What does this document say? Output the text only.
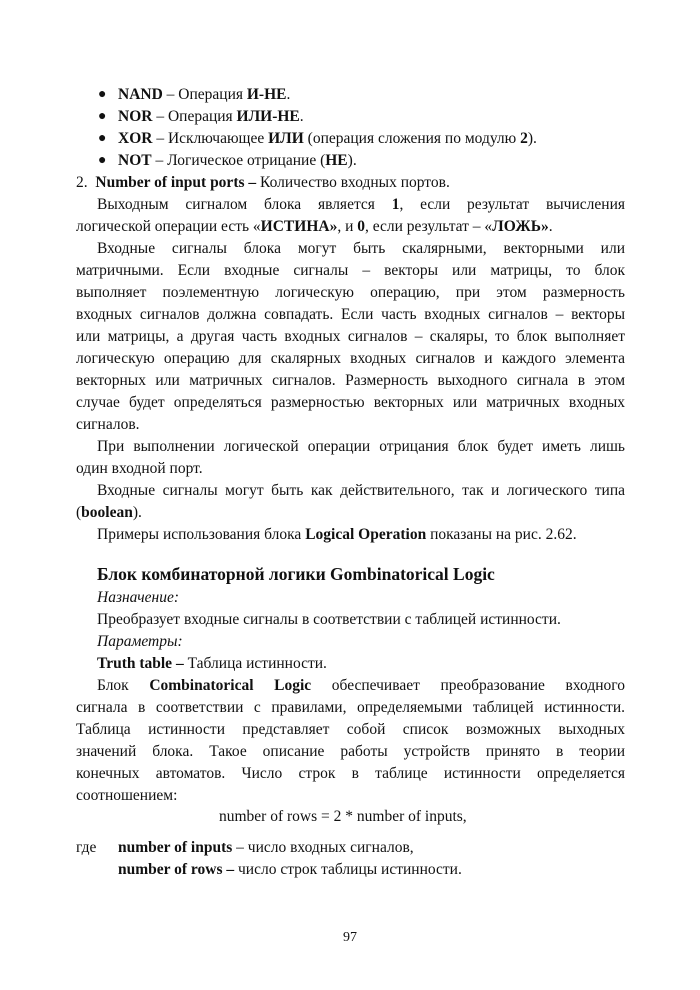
● NAND – Операция И-НЕ.
● NOR – Операция ИЛИ-НЕ.
● XOR – Исключающее ИЛИ (операция сложения по модулю 2).
● NOT – Логическое отрицание (НЕ).
2. Number of input ports – Количество входных портов.
Выходным сигналом блока является 1, если результат вычисления
логической операции есть «ИСТИНА», и 0, если результат – «ЛОЖЬ».
Входные сигналы блока могут быть скалярными, векторными или
матричными. Если входные сигналы – векторы или матрицы, то блок
выполняет поэлементную логическую операцию, при этом размерность
входных сигналов должна совпадать. Если часть входных сигналов – векторы
или матрицы, а другая часть входных сигналов – скаляры, то блок выполняет
логическую операцию для скалярных входных сигналов и каждого элемента
векторных или матричных сигналов. Размерность выходного сигнала в этом
случае будет определяться размерностью векторных или матричных входных
сигналов.
При выполнении логической операции отрицания блок будет иметь лишь
один входной порт.
Входные сигналы могут быть как действительного, так и логического типа
(boolean).
Примеры использования блока Logical Operation показаны на рис. 2.62.
Блок комбинаторной логики Gombinatorical Logic
Назначение:
Преобразует входные сигналы в соответствии с таблицей истинности.
Параметры:
Truth table – Таблица истинности.
Блок Combinatorical Logic обеспечивает преобразование входного
сигнала в соответствии с правилами, определяемыми таблицей истинности.
Таблица истинности представляет собой список возможных выходных
значений блока. Такое описание работы устройств принято в теории
конечных автоматов. Число строк в таблице истинности определяется
соотношением:
number of rows = 2 * number of inputs,
где number of inputs – число входных сигналов,
number of rows – число строк таблицы истинности.
97
